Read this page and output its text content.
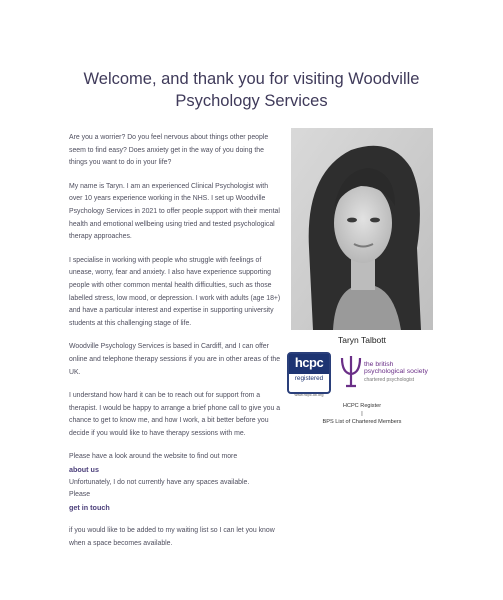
Welcome, and thank you for visiting Woodville
Psychology Services

Are you a worrier? Do you feel nervous about things other people seem to find easy? Does anxiety get in the way of you doing the things you want to do in your life?

My name is Taryn. I am an experienced Clinical Psychologist with over 10 years experience working in the NHS. I set up Woodville Psychology Services in 2021 to offer people support with their mental health and emotional wellbeing using tried and tested psychological therapy approaches.

I specialise in working with people who struggle with feelings of unease, worry, fear and anxiety. I also have experience supporting people with other common mental health difficulties, such as those labelled stress, low mood, or depression. I work with adults (age 18+) and have a particular interest and expertise in supporting university students at this challenging stage of life.

Woodville Psychology Services is based in Cardiff, and I can offer online and telephone therapy sessions if you are in other areas of the UK.

I understand how hard it can be to reach out for support from a therapist. I would be happy to arrange a brief phone call to give you a chance to get to know me, and how I work, a bit better before you decide if you would like to have therapy sessions with me.

Please have a look around the website to find out more
about us
Unfortunately, I do not currently have any spaces available.
Please
get in touch

if you would like to be added to my waiting list so I can let you know when a space becomes available.

Taryn Talbott
hcpc
registered
www.hcpc-uk.org
the british
psychological society
chartered psychologist
HCPC Register
|
BPS List of Chartered Members
